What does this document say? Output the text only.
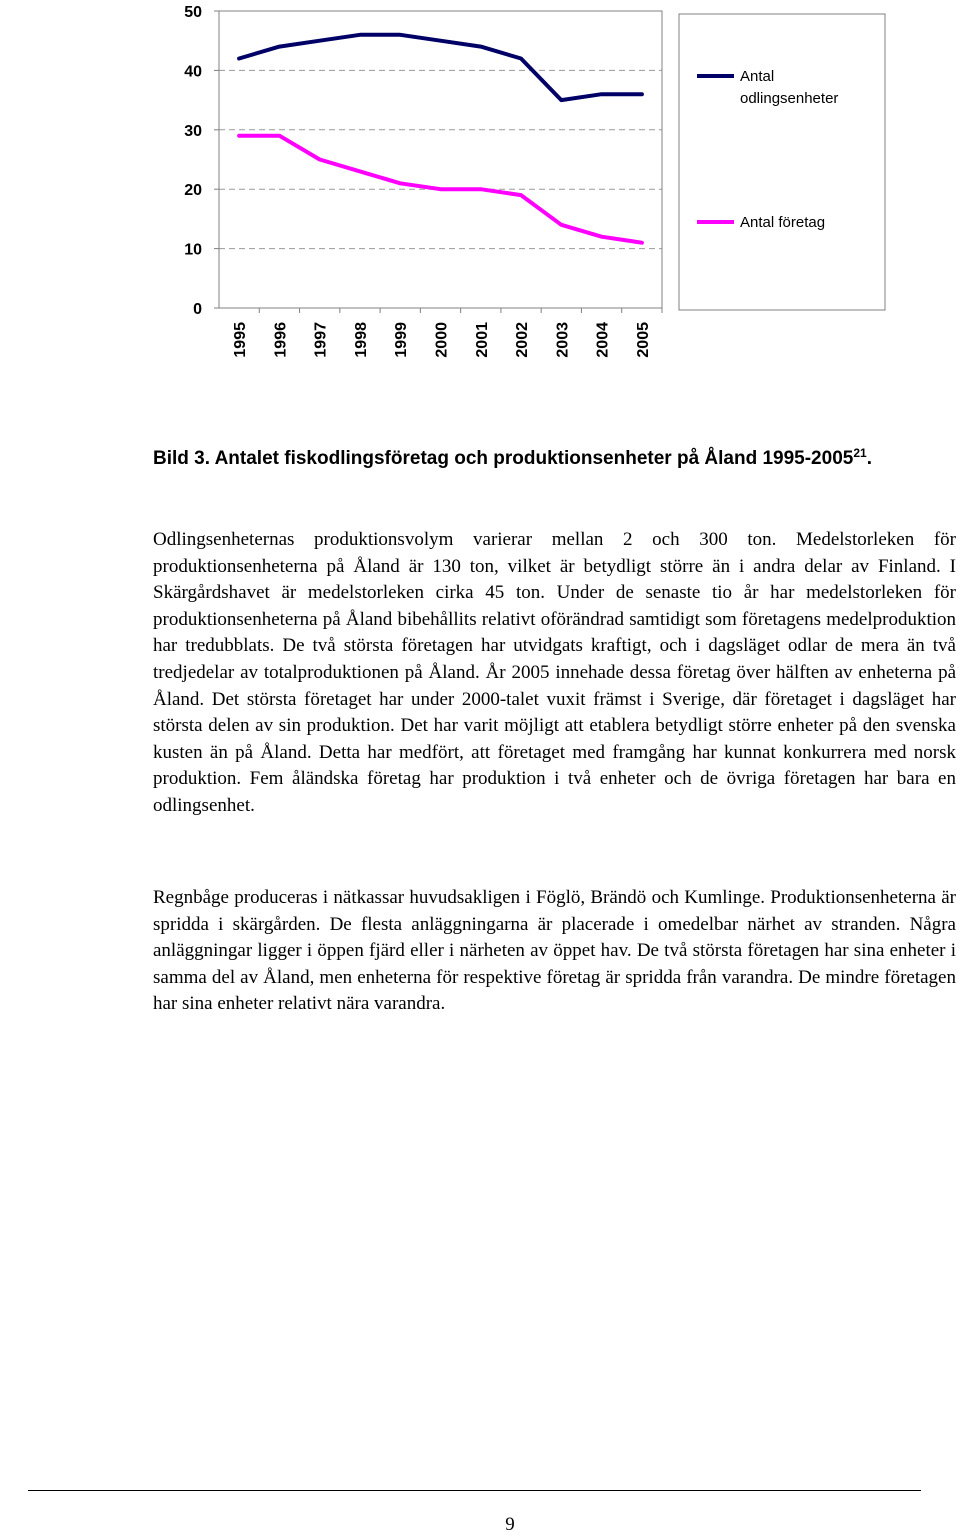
0
10
20
30
40
50
1995 1996 1997 1998 1999 2000 2001 2002 2003 2004 2005
Antal
odlingsenheter
Antal företag
Bild 3. Antalet fiskodlingsföretag och produktionsenheter på Åland 1995-2005$^{21}$.

Odlingsenheternas produktionsvolym varierar mellan 2 och 300 ton. Medelstorleken för produktionsenheterna på Åland är 130 ton, vilket är betydligt större än i andra delar av Finland. I Skärgårdshavet är medelstorleken cirka 45 ton. Under de senaste tio år har medelstorleken för produktionsenheterna på Åland bibehållits relativt oförändrad samtidigt som företagens medelproduktion har tredubblats. De två största företagen har utvidgats kraftigt, och i dagsläget odlar de mera än två tredjedelar av totalproduktionen på Åland. År 2005 innehade dessa företag över hälften av enheterna på Åland. Det största företaget har under 2000-talet vuxit främst i Sverige, där företaget i dagsläget har största delen av sin produktion. Det har varit möjligt att etablera betydligt större enheter på den svenska kusten än på Åland. Detta har medfört, att företaget med framgång har kunnat konkurrera med norsk produktion. Fem åländska företag har produktion i två enheter och de övriga företagen har bara en odlingsenhet.

Regnbåge produceras i nätkassar huvudsakligen i Föglö, Brändö och Kumlinge. Produktionsenheterna är spridda i skärgården. De flesta anläggningarna är placerade i omedelbar närhet av stranden. Några anläggningar ligger i öppen fjärd eller i närheten av öppet hav. De två största företagen har sina enheter i samma del av Åland, men enheterna för respektive företag är spridda från varandra. De mindre företagen har sina enheter relativt nära varandra.

9
